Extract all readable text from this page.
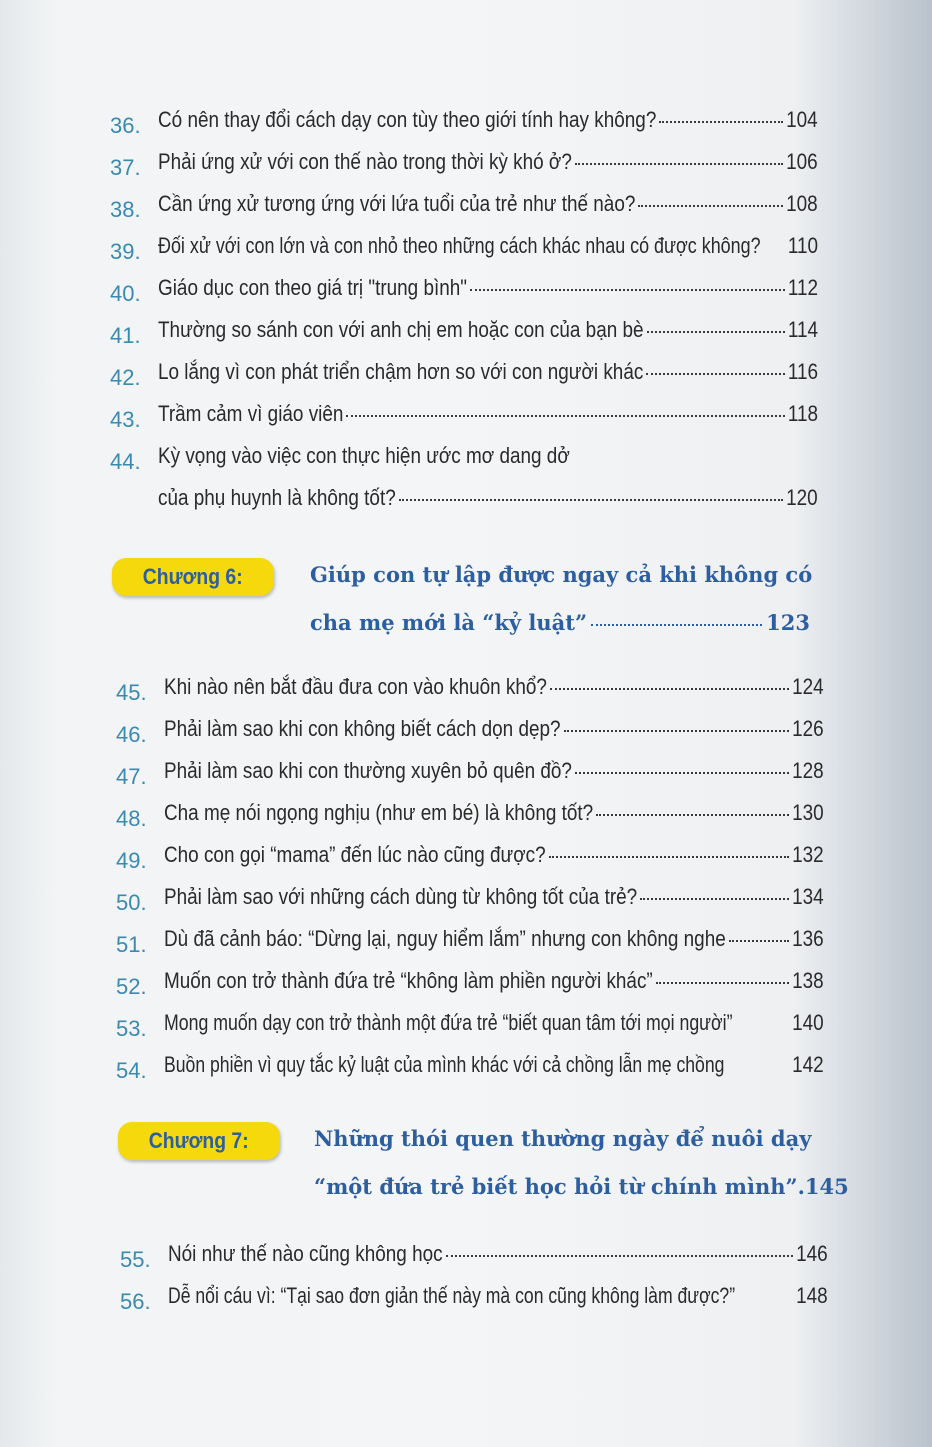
36. Có nên thay đổi cách dạy con tùy theo giới tính hay không?	104
37. Phải ứng xử với con thế nào trong thời kỳ khó ở?	106
38. Cần ứng xử tương ứng với lứa tuổi của trẻ như thế nào?	108
39. Đối xử với con lớn và con nhỏ theo những cách khác nhau có được không? 110
40. Giáo dục con theo giá trị "trung bình"	112
41. Thường so sánh con với anh chị em hoặc con của bạn bè	114
42. Lo lắng vì con phát triển chậm hơn so với con người khác	116
43. Trầm cảm vì giáo viên	118
44. Kỳ vọng vào việc con thực hiện ước mơ dang dở
của phụ huynh là không tốt?	120
Chương 6:	Giúp con tự lập được ngay cả khi không có
cha mẹ mới là “kỷ luật”	123
45. Khi nào nên bắt đầu đưa con vào khuôn khổ?	124
46. Phải làm sao khi con không biết cách dọn dẹp?	126
47. Phải làm sao khi con thường xuyên bỏ quên đồ?	128
48. Cha mẹ nói ngọng nghịu (như em bé) là không tốt?	130
49. Cho con gọi “mama” đến lúc nào cũng được?	132
50. Phải làm sao với những cách dùng từ không tốt của trẻ?	134
51. Dù đã cảnh báo: “Dừng lại, nguy hiểm lắm” nhưng con không nghe	136
52. Muốn con trở thành đứa trẻ “không làm phiền người khác”	138
53. Mong muốn dạy con trở thành một đứa trẻ “biết quan tâm tới mọi người”	140
54. Buồn phiền vì quy tắc kỷ luật của mình khác với cả chồng lẫn mẹ chồng	142
Chương 7:	Những thói quen thường ngày để nuôi dạy
“một đứa trẻ biết học hỏi từ chính mình” .145
55. Nói như thế nào cũng không học	146
56. Dễ nổi cáu vì: “Tại sao đơn giản thế này mà con cũng không làm được?”	148
